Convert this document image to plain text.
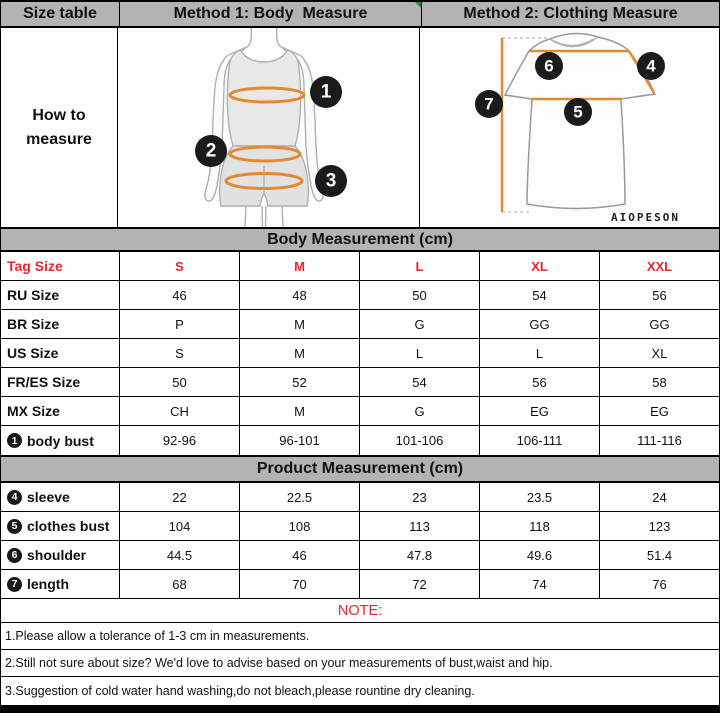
Size table	Method 1: Body  Measure	Method 2: Clothing Measure
How to measure
1
2
3
6	4
5
7
AIOPESON
Body Measurement (cm)
Tag Size	S	M	L	XL	XXL
RU Size	46	48	50	54	56
BR Size	P	M	G	GG	GG
US Size	S	M	L	L	XL
FR/ES Size	50	52	54	56	58
MX Size	CH	M	G	EG	EG
1 body bust	92-96	96-101	101-106	106-111	111-116
Product Measurement (cm)
4 sleeve	22	22.5	23	23.5	24
5 clothes bust	104	108	113	118	123
6 shoulder	44.5	46	47.8	49.6	51.4
7 length	68	70	72	74	76
NOTE:
1.Please allow a tolerance of 1-3 cm in measurements.
2.Still not sure about size? We'd love to advise based on your measurements of bust,waist and hip.
3.Suggestion of cold water hand washing,do not bleach,please rountine dry cleaning.
